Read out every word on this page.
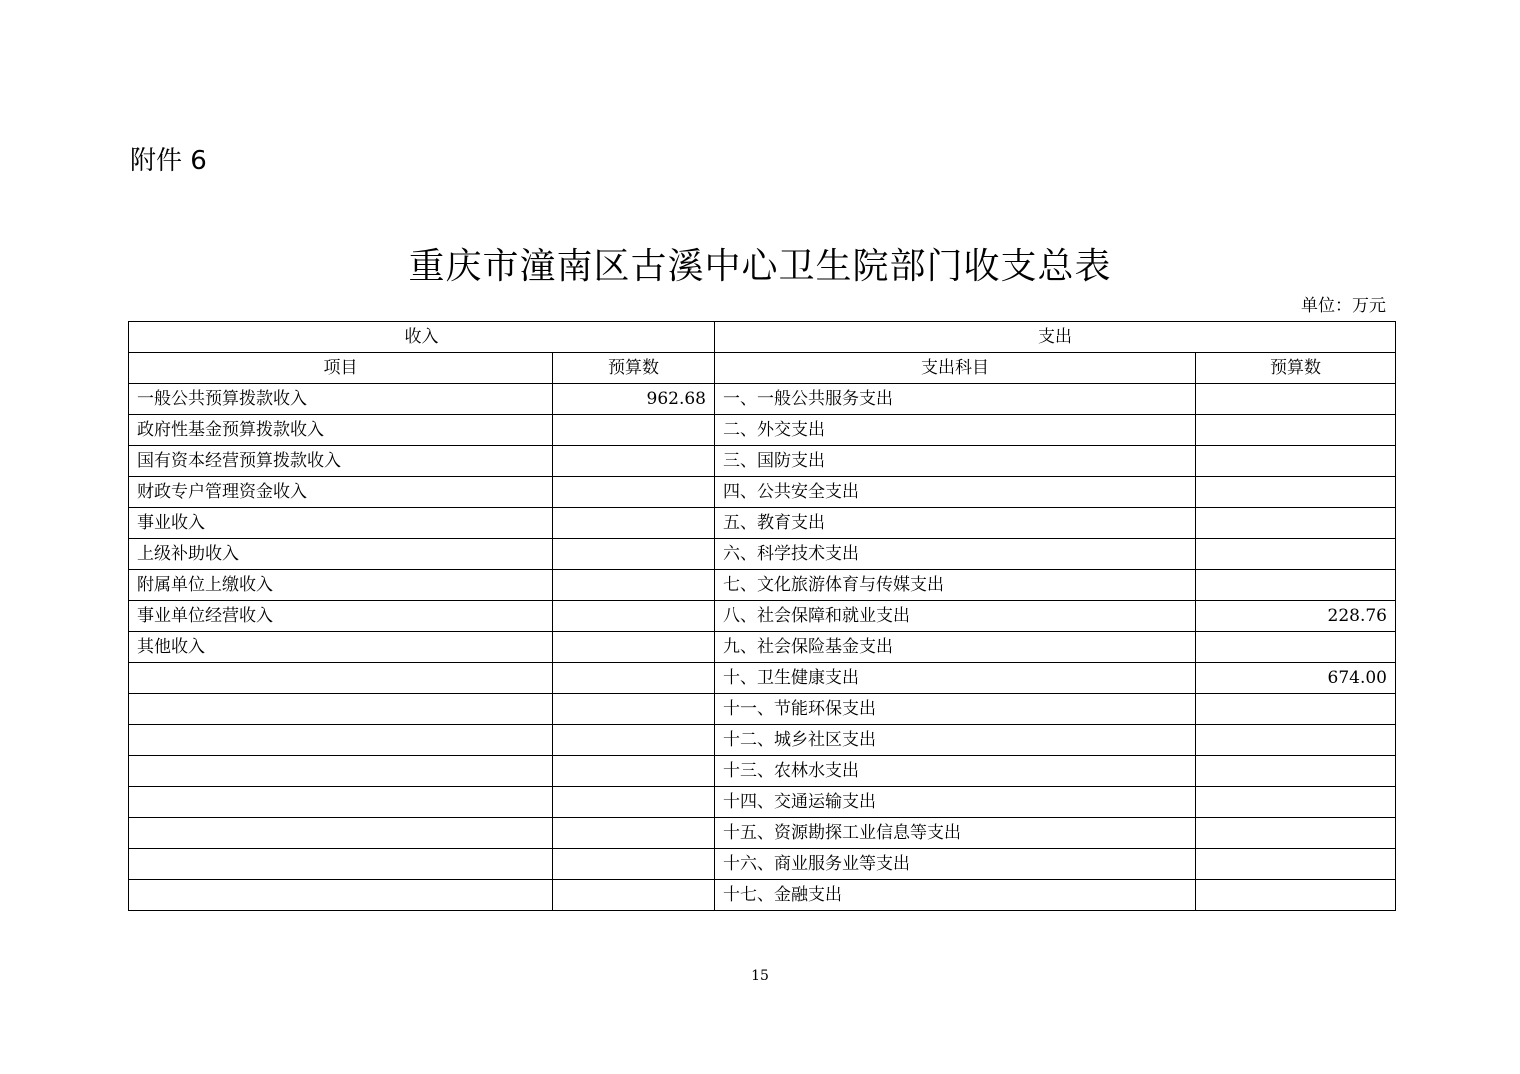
附件 6
重庆市潼南区古溪中心卫生院部门收支总表
单位：万元
收入		支出	
项目	预算数	支出科目	预算数
一般公共预算拨款收入	962.68	一、一般公共服务支出	
政府性基金预算拨款收入		二、外交支出	
国有资本经营预算拨款收入		三、国防支出	
财政专户管理资金收入		四、公共安全支出	
事业收入		五、教育支出	
上级补助收入		六、科学技术支出	
附属单位上缴收入		七、文化旅游体育与传媒支出	
事业单位经营收入		八、社会保障和就业支出	228.76
其他收入		九、社会保险基金支出	
		十、卫生健康支出	674.00
		十一、节能环保支出	
		十二、城乡社区支出	
		十三、农林水支出	
		十四、交通运输支出	
		十五、资源勘探工业信息等支出	
		十六、商业服务业等支出	
		十七、金融支出	
15
